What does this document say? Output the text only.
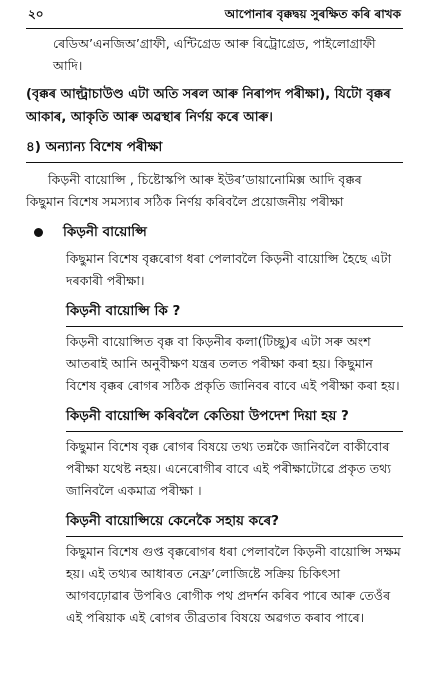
২০	আপোনাৰ বৃক্কদ্বয় সুৰক্ষিত কৰি ৰাখক

ৰেডিঅ’এনজিঅ’গ্ৰাফী, এন্টিগ্ৰেড আৰু ৰিট্ৰোগ্ৰেড, পাইলোগ্ৰাফী আদি।

(বৃক্কৰ আল্ট্ৰাচাউণ্ড এটা অতি সৰল আৰু নিৰাপদ পৰীক্ষা), যিটো বৃক্কৰ আকাৰ, আকৃতি আৰু অৱস্থাৰ নিৰ্ণয় কৰে আৰু।

৪) অন্যান্য বিশেষ পৰীক্ষা

কিড়নী বায়োপ্সি , চিষ্টোস্কপি আৰু ইউৰ’ডায়ানোমিক্স আদি বৃক্কৰ কিছুমান বিশেষ সমস্যাৰ সঠিক নিৰ্ণয় কৰিবলৈ প্ৰয়োজনীয় পৰীক্ষা

কিড়নী বায়োপ্সি

কিছুমান বিশেষ বৃক্কৰোগ ধৰা পেলাবলৈ কিড়নী বায়োপ্সি হৈছে এটা দৰকাৰী পৰীক্ষা।

কিড়নী বায়োপ্সি কি ?

কিড়নী বায়োপ্সিত বৃক্ক বা কিড়নীৰ কলা(টিচ্ছু)ৰ এটা সৰু অংশ আতৰাই আনি অনুবীক্ষণ যন্ত্ৰৰ তলত পৰীক্ষা কৰা হয়। কিছুমান বিশেষ বৃক্কৰ ৰোগৰ সঠিক প্ৰকৃতি জানিবৰ বাবে এই পৰীক্ষা কৰা হয়।

কিড়নী বায়োপ্সি কৰিবলৈ কেতিয়া উপদেশ দিয়া হয় ?

কিছুমান বিশেষ বৃক্ক ৰোগৰ বিষয়ে তথ্য তন্নকৈ জানিবলৈ বাকীবোৰ পৰীক্ষা যথেষ্ট নহয়। এনেৰোগীৰ বাবে এই পৰীক্ষাটোৱে প্ৰকৃত তথ্য জানিবলৈ একমাত্ৰ পৰীক্ষা ।

কিড়নী বায়োপ্সিয়ে কেনেকৈ সহায় কৰে?

কিছুমান বিশেষ গুপ্ত বৃক্কৰোগৰ ধৰা পেলাবলৈ কিড়নী বায়োপ্সি সক্ষম হয়। এই তথ্যৰ আধাৰত নেফ্ৰ’লোজিষ্টে সক্ৰিয় চিকিৎসা আগবঢ়োৱাৰ উপৰিও ৰোগীক পথ প্ৰদৰ্শন কৰিব পাৰে আৰু তেওঁৰ এই পৰিয়াক এই ৰোগৰ তীব্ৰতাৰ বিষয়ে অৱগত কৰাব পাৰে।
